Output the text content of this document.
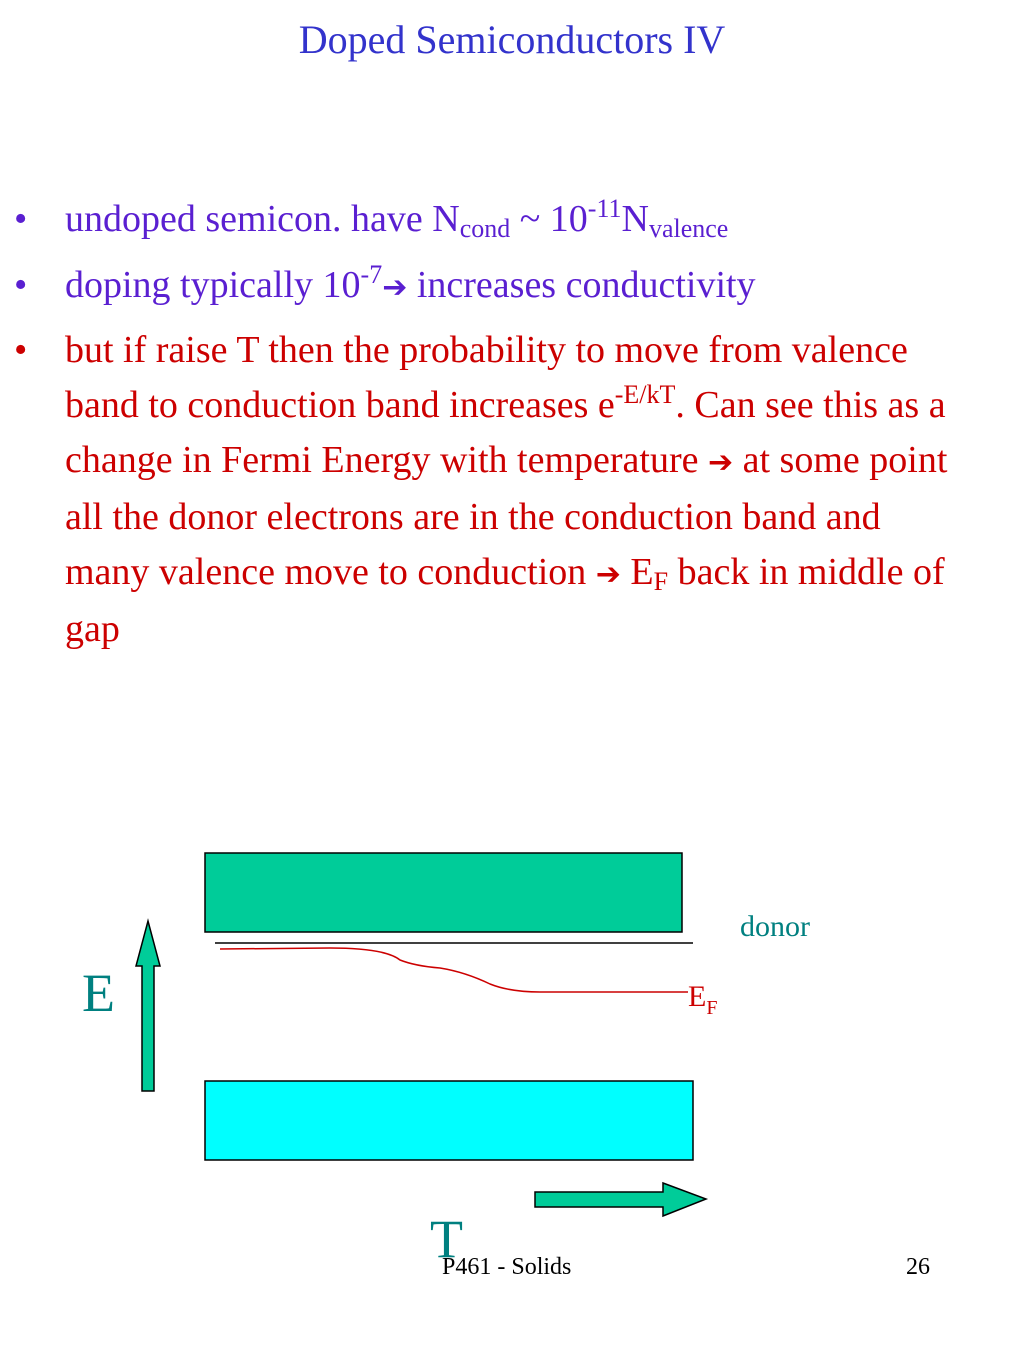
Doped Semiconductors IV
• undoped semicon. have $N_{cond}$ ~ $10^{-11}N_{valence}$
• doping typically $10^{-7}➔$ increases conductivity
• but if raise T then the probability to move from valence band to conduction band increases $e^{-E/kT}$. Can see this as a change in Fermi Energy with temperature ➔ at some point all the donor electrons are in the conduction band and many valence move to conduction ➔ $E_F$ back in middle of gap
donor
$E_F$
E
T
P461 - Solids	26
